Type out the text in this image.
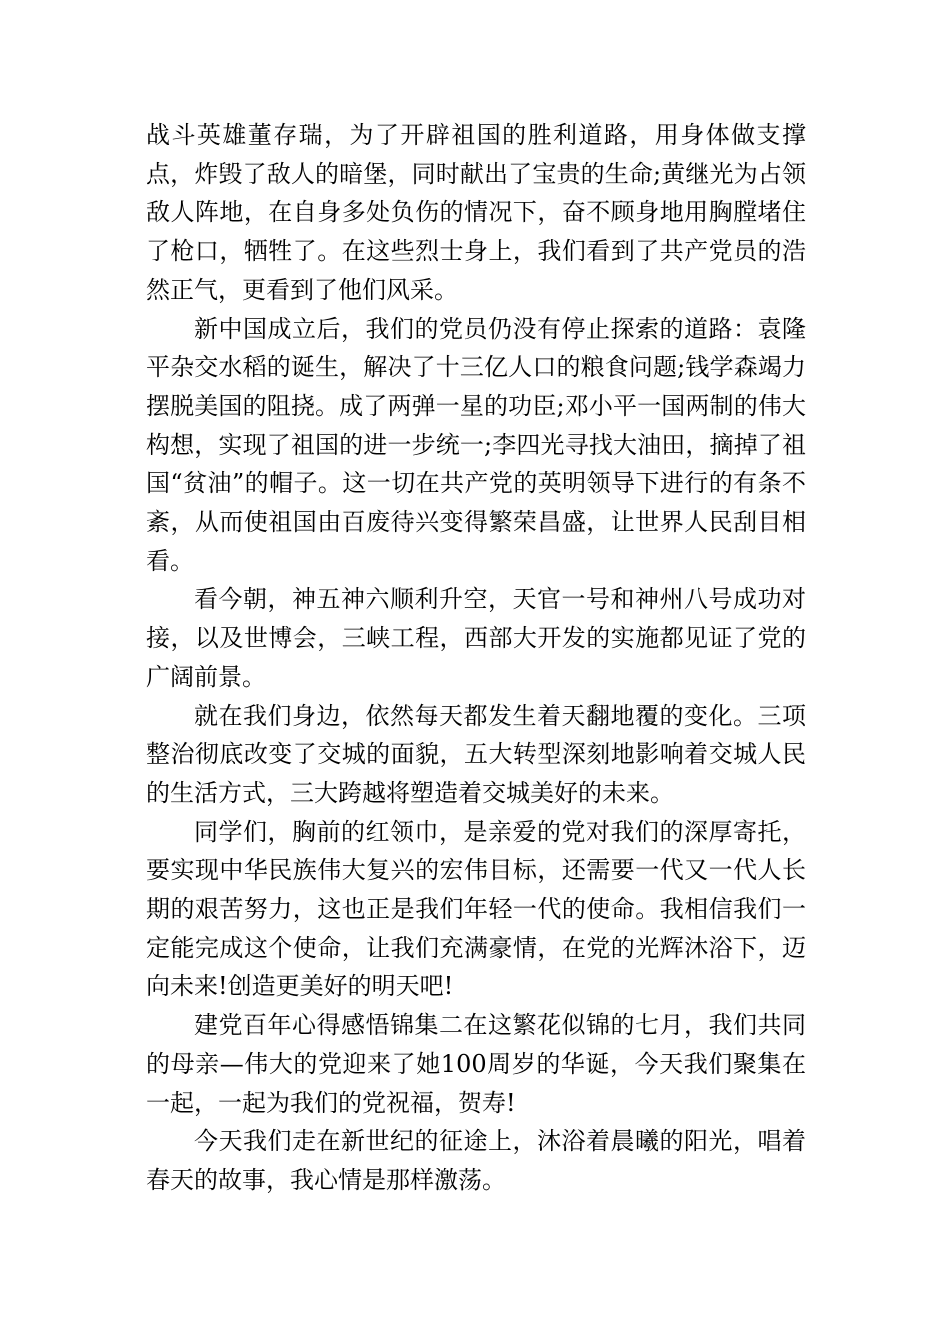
战斗英雄董存瑞，为了开辟祖国的胜利道路，用身体做支撑点，炸毁了敌人的暗堡，同时献出了宝贵的生命;黄继光为占领敌人阵地，在自身多处负伤的情况下，奋不顾身地用胸膛堵住了枪口，牺牲了。在这些烈士身上，我们看到了共产党员的浩然正气，更看到了他们风采。

新中国成立后，我们的党员仍没有停止探索的道路：袁隆平杂交水稻的诞生，解决了十三亿人口的粮食问题;钱学森竭力摆脱美国的阻挠。成了两弹一星的功臣;邓小平一国两制的伟大构想，实现了祖国的进一步统一;李四光寻找大油田，摘掉了祖国“贫油”的帽子。这一切在共产党的英明领导下进行的有条不紊，从而使祖国由百废待兴变得繁荣昌盛，让世界人民刮目相看。

看今朝，神五神六顺利升空，天官一号和神州八号成功对接，以及世博会，三峡工程，西部大开发的实施都见证了党的广阔前景。

就在我们身边，依然每天都发生着天翻地覆的变化。三项整治彻底改变了交城的面貌，五大转型深刻地影响着交城人民的生活方式，三大跨越将塑造着交城美好的未来。

同学们，胸前的红领巾，是亲爱的党对我们的深厚寄托，要实现中华民族伟大复兴的宏伟目标，还需要一代又一代人长期的艰苦努力，这也正是我们年轻一代的使命。我相信我们一定能完成这个使命，让我们充满豪情，在党的光辉沐浴下，迈向未来!创造更美好的明天吧!

建党百年心得感悟锦集二在这繁花似锦的七月，我们共同的母亲—伟大的党迎来了她100周岁的华诞，今天我们聚集在一起，一起为我们的党祝福，贺寿!

今天我们走在新世纪的征途上，沐浴着晨曦的阳光，唱着春天的故事，我心情是那样激荡。
